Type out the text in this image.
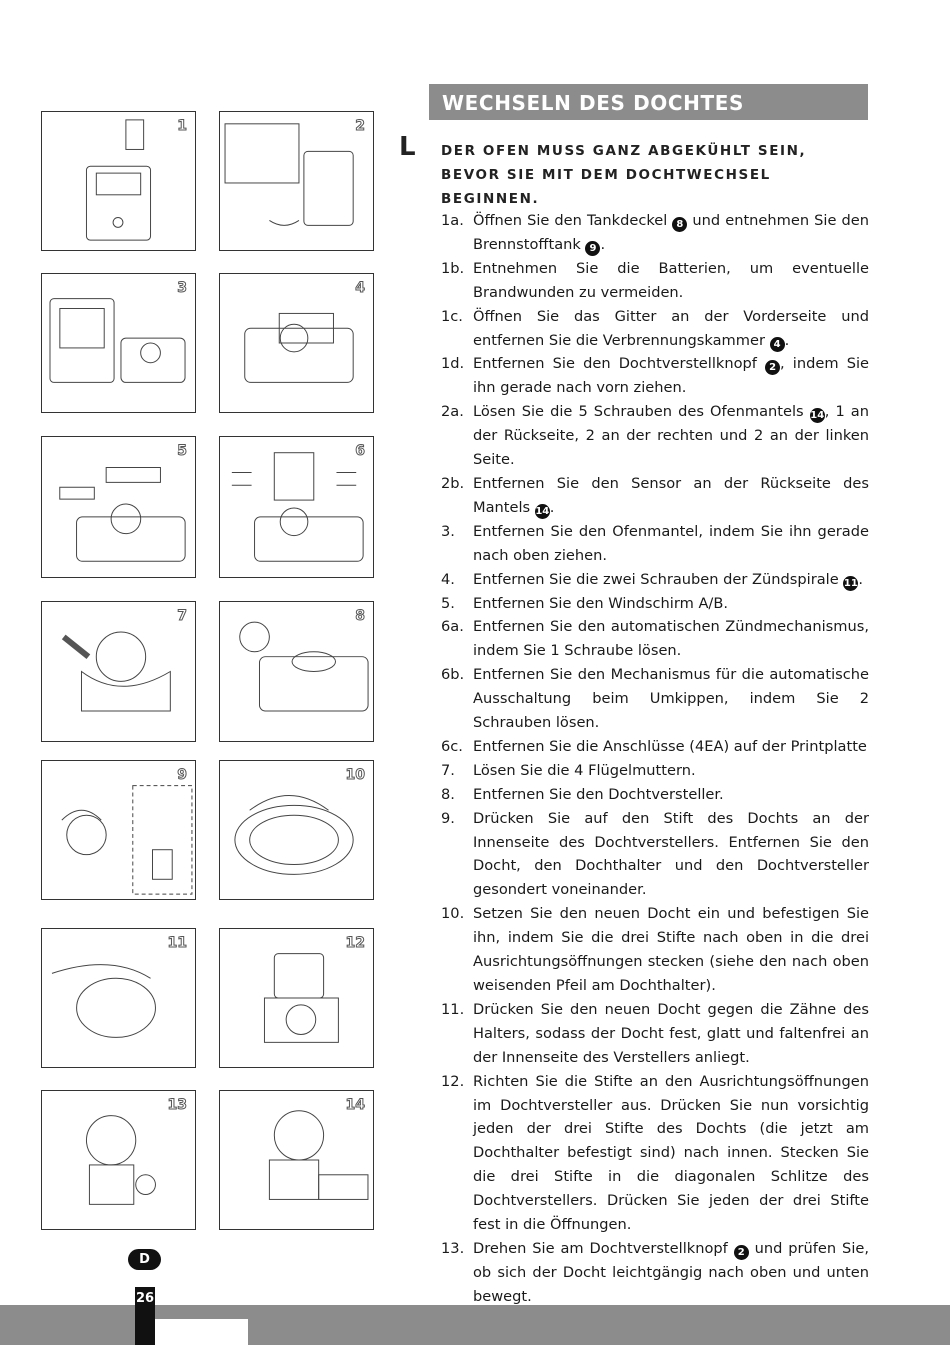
WECHSELN DES DOCHTES
L DER OFEN MUSS GANZ ABGEKÜHLT SEIN, BEVOR SIE MIT DEM DOCHTWECHSEL BEGINNEN.
1a. Öffnen Sie den Tankdeckel 8 und entnehmen Sie den Brennstofftank 9 .
1b. Entnehmen Sie die Batterien, um eventuelle Brandwunden zu vermeiden.
1c. Öffnen Sie das Gitter an der Vorderseite und entfernen Sie die Verbrennungskammer 4 .
1d. Entfernen Sie den Dochtverstellknopf 2 , indem Sie ihn gerade nach vorn ziehen.
2a. Lösen Sie die 5 Schrauben des Ofenmantels 14, 1 an der Rückseite, 2 an der rechten und 2 an der linken Seite.
2b. Entfernen Sie den Sensor an der Rückseite des Mantels 14.
3. Entfernen Sie den Ofenmantel, indem Sie ihn gerade nach oben ziehen.
4. Entfernen Sie die zwei Schrauben der Zündspirale 11.
5. Entfernen Sie den Windschirm A/B.
6a. Entfernen Sie den automatischen Zündmechanismus, indem Sie 1 Schraube lösen.
6b. Entfernen Sie den Mechanismus für die automatische Ausschaltung beim Umkippen, indem Sie 2 Schrauben lösen.
6c. Entfernen Sie die Anschlüsse (4EA) auf der Printplatte
7. Lösen Sie die 4 Flügelmuttern.
8. Entfernen Sie den Dochtversteller.
9. Drücken Sie auf den Stift des Dochts an der Innenseite des Dochtverstellers. Entfernen Sie den Docht, den Dochthalter und den Dochtversteller gesondert voneinander.
10. Setzen Sie den neuen Docht ein und befestigen Sie ihn, indem Sie die drei Stifte nach oben in die drei Ausrichtungsöffnungen stecken (siehe den nach oben weisenden Pfeil am Dochthalter).
11. Drücken Sie den neuen Docht gegen die Zähne des Halters, sodass der Docht fest, glatt und faltenfrei an der Innenseite des Verstellers anliegt.
12. Richten Sie die Stifte an den Ausrichtungsöffnungen im Dochtversteller aus. Drücken Sie nun vorsichtig jeden der drei Stifte des Dochts (die jetzt am Dochthalter befestigt sind) nach innen. Stecken Sie die drei Stifte in die diagonalen Schlitze des Dochtverstellers. Drücken Sie jeden der drei Stifte fest in die Öffnungen.
13. Drehen Sie am Dochtverstellknopf 2 und prüfen Sie, ob sich der Docht leichtgängig nach oben und unten bewegt.
1	2
3	4
5	6
7	8
9	10
11	12
13	14
D
26
